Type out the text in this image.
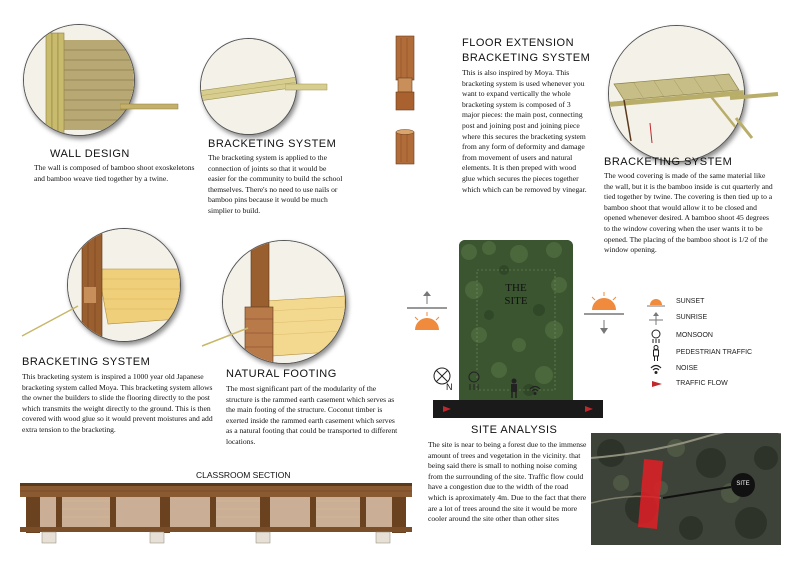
WALL DESIGN
The wall is composed of bamboo shoot exoskeletons and bamboo weave tied together by a twine.
BRACKETING SYSTEM
The bracketing system is applied to the connection of joints so that it would be easier for the community to build the school themselves. There's no need to use nails or bamboo pins because it would be much simplier to build.
FLOOR EXTENSION
BRACKETING SYSTEM
This is also inspired by Moya. This bracketing system is used whenever you want to expand vertically the whole bracketing system is composed of 3 major pieces: the main post, connecting post and joining post and joining piece where this secures the bracketing system from any form of deformity and damage from movement of users and natural elements. It is then preped with wood glue which secures the pieces together which which can be removed by vinegar.
BRACKETING SYSTEM
The wood covering is made of the same material like the wall, but it is the bamboo inside is cut quarterly and tied together by twine. The covering is then tied up to a bamboo shoot that would allow it to be closed and opened whenever desired. A bamboo shoot 45 degrees to the window covering when the user wants it to be opened. The placing of the bamboo shoot is 1/2 of the window opening.
BRACKETING SYSTEM
This bracketing system is inspired a 1000 year old Japanese bracketing system called Moya. This bracketing system allows the owner the builders to slide the flooring directly to the post which transmits the weight directly to the ground. This is then covered with wood glue so it would prevent moistures and add extra tension to the bracketing.
NATURAL FOOTING
The most significant part of the modularity of the structure is the rammed earth casement which serves as the main footing of the structure. Coconut timber is exerted inside the rammed earth casement which serves as a natural footing that could be transported to different locations.
THE
SITE
N
SUNSET
SUNRISE
MONSOON
PEDESTRIAN TRAFFIC
NOISE
TRAFFIC FLOW
SITE ANALYSIS
The site is near to being a forest due to the immense amount of trees and vegetation in the vicinity. that being said there is small to nothing noise coming from the surrounding of the site. Traffic flow could have a congestion due to the width of the road which is aproximately 4m. Due to the fact that there are a lot of trees around the site it would be more cooler around the site other than other sites
SITE
CLASSROOM SECTION
